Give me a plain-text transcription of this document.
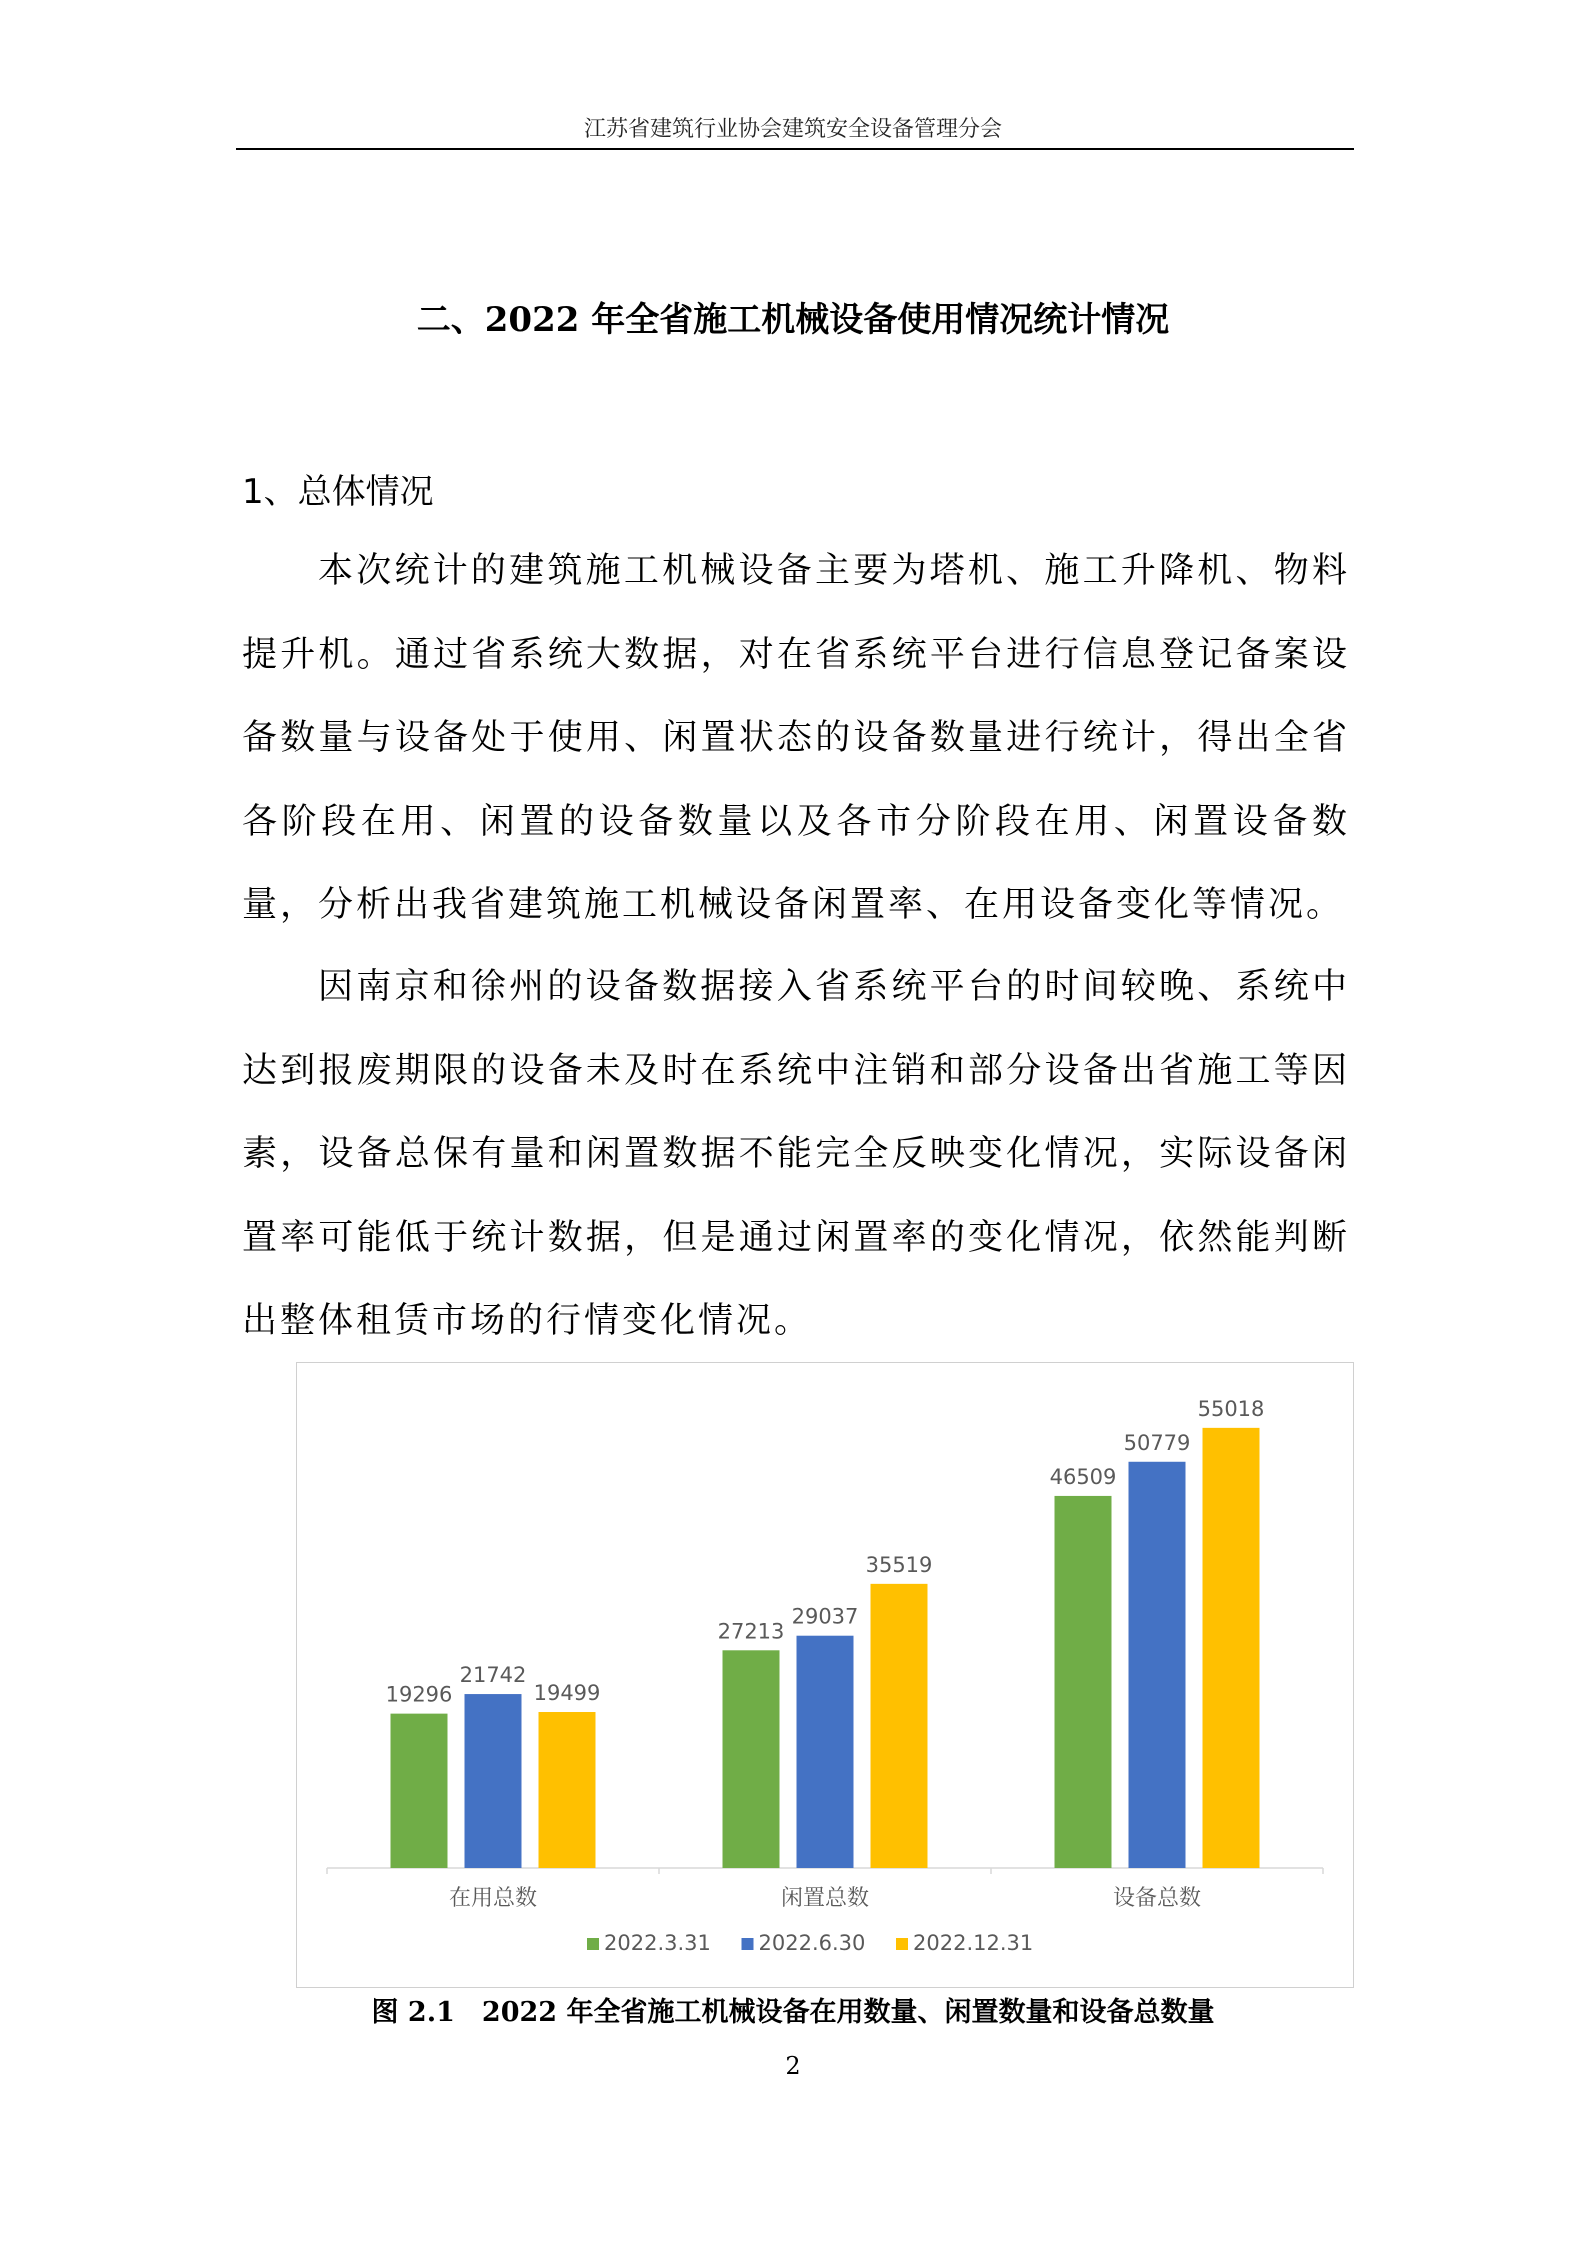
江苏省建筑行业协会建筑安全设备管理分会
二、2022 年全省施工机械设备使用情况统计情况
1、总体情况

本次统计的建筑施工机械设备主要为塔机、施工升降机、物料提升机。通过省系统大数据，对在省系统平台进行信息登记备案设备数量与设备处于使用、闲置状态的设备数量进行统计，得出全省各阶段在用、闲置的设备数量以及各市分阶段在用、闲置设备数量，分析出我省建筑施工机械设备闲置率、在用设备变化等情况。

因南京和徐州的设备数据接入省系统平台的时间较晚、系统中达到报废期限的设备未及时在系统中注销和部分设备出省施工等因素，设备总保有量和闲置数据不能完全反映变化情况，实际设备闲置率可能低于统计数据，但是通过闲置率的变化情况，依然能判断出整体租赁市场的行情变化情况。

19296
21742
19499
在用总数
27213
29037
35519
闲置总数
46509
50779
55018
设备总数
2022.3.31 2022.6.30 2022.12.31
图 2.1　2022 年全省施工机械设备在用数量、闲置数量和设备总数量
2
